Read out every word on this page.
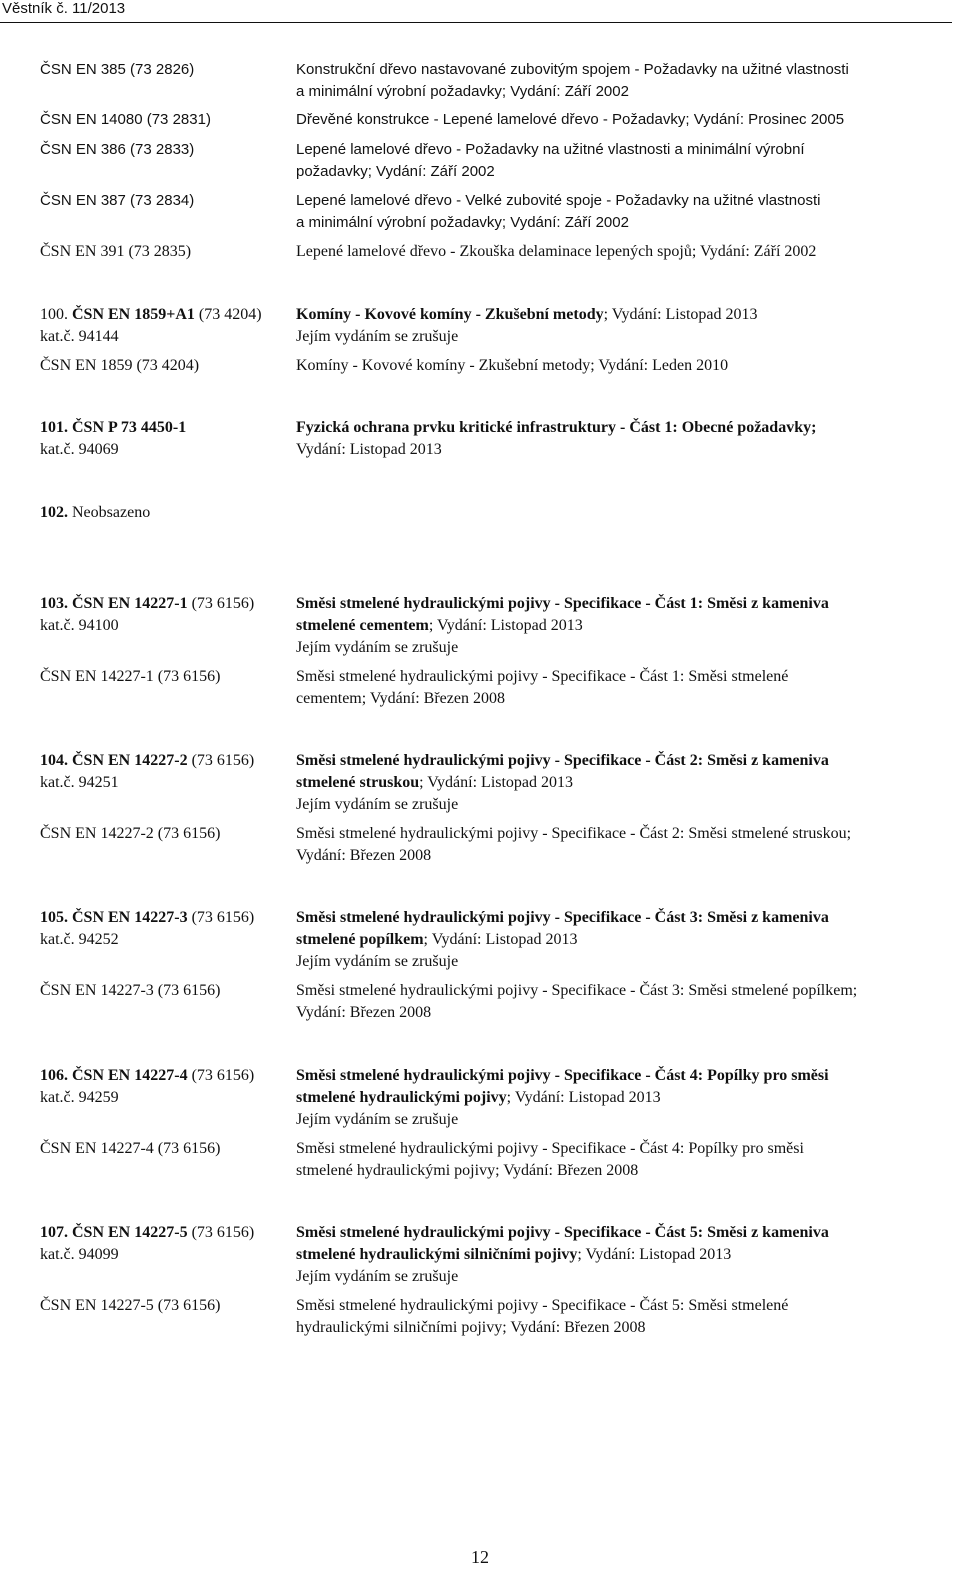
Věstník č. 11/2013
ČSN EN 385 (73 2826)	Konstrukční dřevo nastavované zubovitým spojem - Požadavky na užitné vlastnosti
a minimální výrobní požadavky; Vydání: Září 2002
ČSN EN 14080 (73 2831)	Dřevěné konstrukce - Lepené lamelové dřevo - Požadavky; Vydání: Prosinec 2005
ČSN EN 386 (73 2833)	Lepené lamelové dřevo - Požadavky na užitné vlastnosti a minimální výrobní
požadavky; Vydání: Září 2002
ČSN EN 387 (73 2834)	Lepené lamelové dřevo - Velké zubovité spoje - Požadavky na užitné vlastnosti
a minimální výrobní požadavky; Vydání: Září 2002
ČSN EN 391 (73 2835)	Lepené lamelové dřevo - Zkouška delaminace lepených spojů; Vydání: Září 2002
100. ČSN EN 1859+A1 (73 4204) Komíny - Kovové komíny - Zkušební metody; Vydání: Listopad 2013
kat.č. 94144	Jejím vydáním se zrušuje
ČSN EN 1859 (73 4204)	Komíny - Kovové komíny - Zkušební metody; Vydání: Leden 2010
101. ČSN P 73 4450-1	Fyzická ochrana prvku kritické infrastruktury - Část 1: Obecné požadavky;
kat.č. 94069	Vydání: Listopad 2013
102. Neobsazeno
103. ČSN EN 14227-1 (73 6156)	Směsi stmelené hydraulickými pojivy - Specifikace - Část 1: Směsi z kameniva
kat.č. 94100	stmelené cementem; Vydání: Listopad 2013
Jejím vydáním se zrušuje
ČSN EN 14227-1 (73 6156)	Směsi stmelené hydraulickými pojivy - Specifikace - Část 1: Směsi stmelené
cementem; Vydání: Březen 2008
104. ČSN EN 14227-2 (73 6156)	Směsi stmelené hydraulickými pojivy - Specifikace - Část 2: Směsi z kameniva
kat.č. 94251	stmelené struskou; Vydání: Listopad 2013
Jejím vydáním se zrušuje
ČSN EN 14227-2 (73 6156)	Směsi stmelené hydraulickými pojivy - Specifikace - Část 2: Směsi stmelené struskou;
Vydání: Březen 2008
105. ČSN EN 14227-3 (73 6156)	Směsi stmelené hydraulickými pojivy - Specifikace - Část 3: Směsi z kameniva
kat.č. 94252	stmelené popílkem; Vydání: Listopad 2013
Jejím vydáním se zrušuje
ČSN EN 14227-3 (73 6156)	Směsi stmelené hydraulickými pojivy - Specifikace - Část 3: Směsi stmelené popílkem;
Vydání: Březen 2008
106. ČSN EN 14227-4 (73 6156)	Směsi stmelené hydraulickými pojivy - Specifikace - Část 4: Popílky pro směsi
kat.č. 94259	stmelené hydraulickými pojivy; Vydání: Listopad 2013
Jejím vydáním se zrušuje
ČSN EN 14227-4 (73 6156)	Směsi stmelené hydraulickými pojivy - Specifikace - Část 4: Popílky pro směsi
stmelené hydraulickými pojivy; Vydání: Březen 2008
107. ČSN EN 14227-5 (73 6156)	Směsi stmelené hydraulickými pojivy - Specifikace - Část 5: Směsi z kameniva
kat.č. 94099	stmelené hydraulickými silničními pojivy; Vydání: Listopad 2013
Jejím vydáním se zrušuje
ČSN EN 14227-5 (73 6156)	Směsi stmelené hydraulickými pojivy - Specifikace - Část 5: Směsi stmelené
hydraulickými silničními pojivy; Vydání: Březen 2008
12
